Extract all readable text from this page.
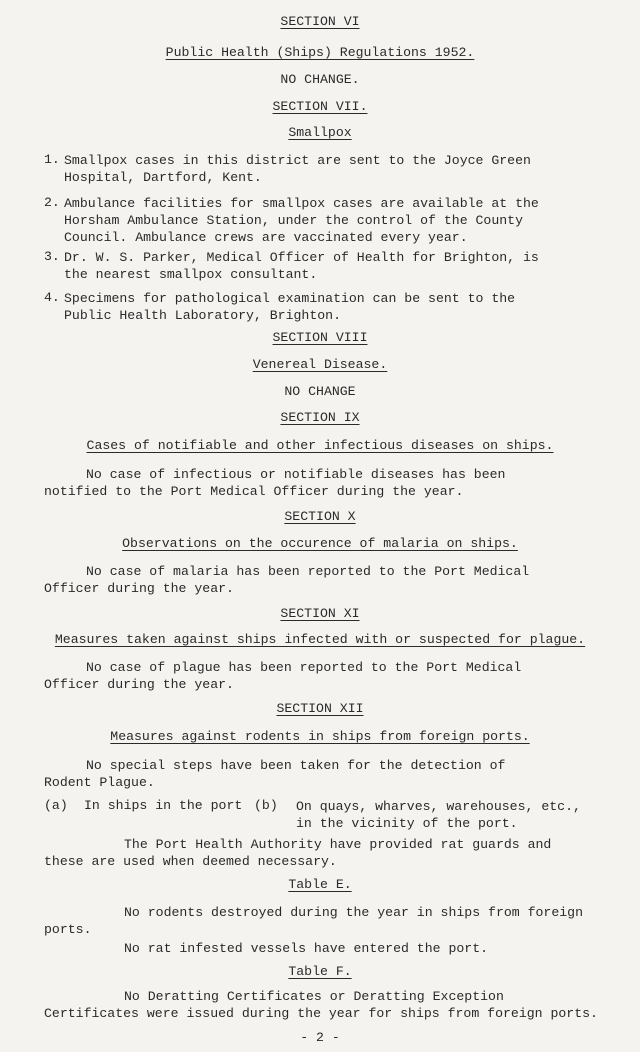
SECTION VI
Public Health (Ships) Regulations 1952.
NO CHANGE.
SECTION VII.
Smallpox
1. Smallpox cases in this district are sent to the Joyce Green
Hospital, Dartford, Kent.
2. Ambulance facilities for smallpox cases are available at the
Horsham Ambulance Station, under the control of the County
Council. Ambulance crews are vaccinated every year.
3. Dr. W. S. Parker, Medical Officer of Health for Brighton, is
the nearest smallpox consultant.
4. Specimens for pathological examination can be sent to the
Public Health Laboratory, Brighton.
SECTION VIII
Venereal Disease.
NO CHANGE
SECTION IX
Cases of notifiable and other infectious diseases on ships.
No case of infectious or notifiable diseases has been
notified to the Port Medical Officer during the year.
SECTION X
Observations on the occurence of malaria on ships.
No case of malaria has been reported to the Port Medical
Officer during the year.
SECTION XI
Measures taken against ships infected with or suspected for plague.
No case of plague has been reported to the Port Medical
Officer during the year.
SECTION XII
Measures against rodents in ships from foreign ports.
No special steps have been taken for the detection of
Rodent Plague.
(a) In ships in the port (b) On quays, wharves, warehouses, etc.,
in the vicinity of the port.
The Port Health Authority have provided rat guards and
these are used when deemed necessary.
Table E.
No rodents destroyed during the year in ships from foreign
ports.
No rat infested vessels have entered the port.
Table F.
No Deratting Certificates or Deratting Exception
Certificates were issued during the year for ships from foreign ports.
- 2 -
